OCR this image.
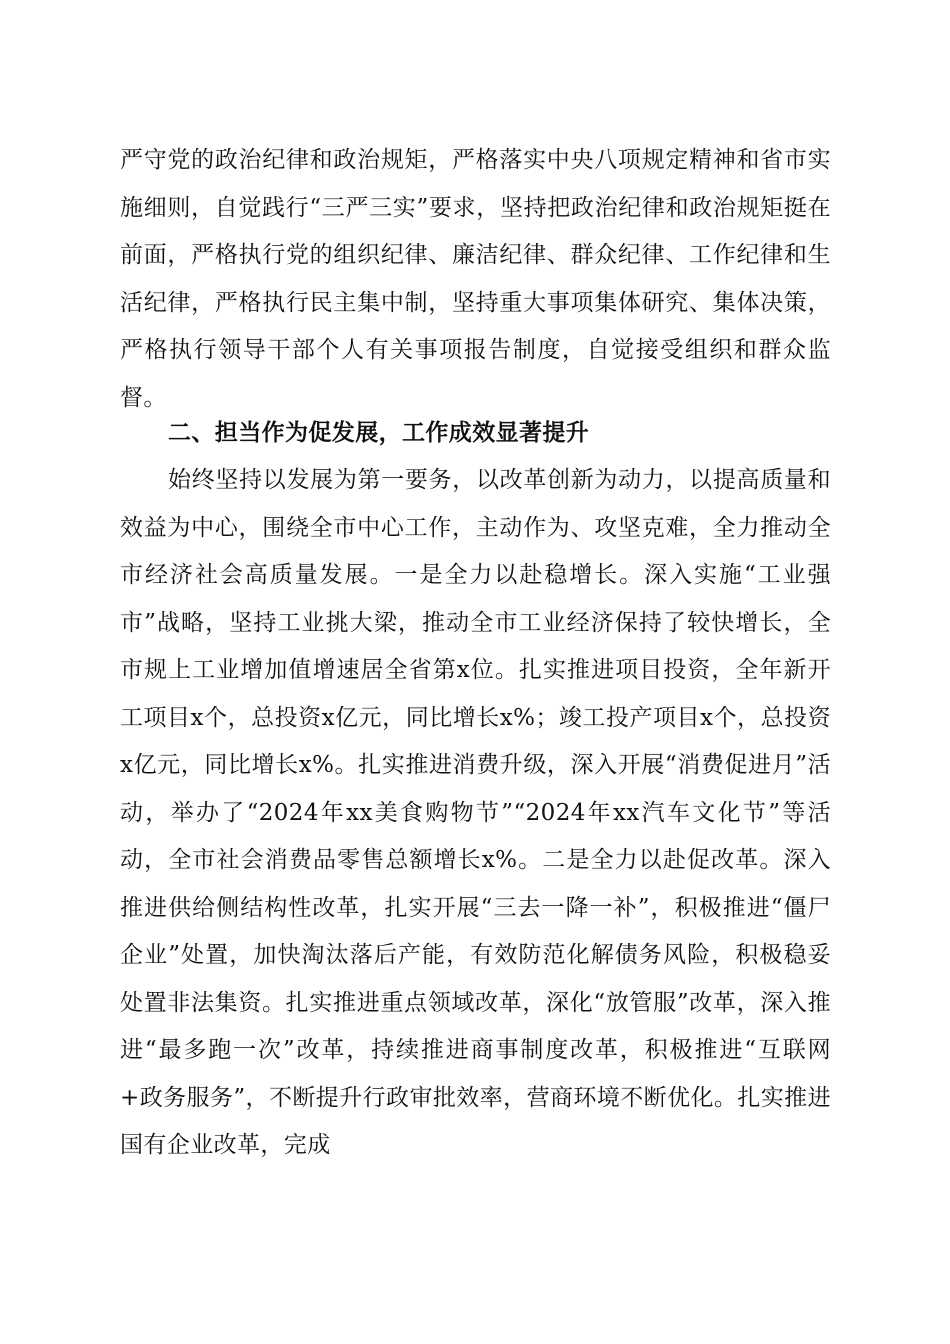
严守党的政治纪律和政治规矩，严格落实中央八项规定精神和省市实施细则，自觉践行“三严三实”要求，坚持把政治纪律和政治规矩挺在前面，严格执行党的组织纪律、廉洁纪律、群众纪律、工作纪律和生活纪律，严格执行民主集中制，坚持重大事项集体研究、集体决策，严格执行领导干部个人有关事项报告制度，自觉接受组织和群众监督。

二、担当作为促发展，工作成效显著提升

始终坚持以发展为第一要务，以改革创新为动力，以提高质量和效益为中心，围绕全市中心工作，主动作为、攻坚克难，全力推动全市经济社会高质量发展。一是全力以赴稳增长。深入实施“工业强市”战略，坚持工业挑大梁，推动全市工业经济保持了较快增长，全市规上工业增加值增速居全省第x位。扎实推进项目投资，全年新开工项目x个，总投资x亿元，同比增长x%；竣工投产项目x个，总投资x亿元，同比增长x%。扎实推进消费升级，深入开展“消费促进月”活动，举办了“2024年xx美食购物节”“2024年xx汽车文化节”等活动，全市社会消费品零售总额增长x%。二是全力以赴促改革。深入推进供给侧结构性改革，扎实开展“三去一降一补”，积极推进“僵尸企业”处置，加快淘汰落后产能，有效防范化解债务风险，积极稳妥处置非法集资。扎实推进重点领域改革，深化“放管服”改革，深入推进“最多跑一次”改革，持续推进商事制度改革，积极推进“互联网+政务服务”，不断提升行政审批效率，营商环境不断优化。扎实推进国有企业改革，完成
